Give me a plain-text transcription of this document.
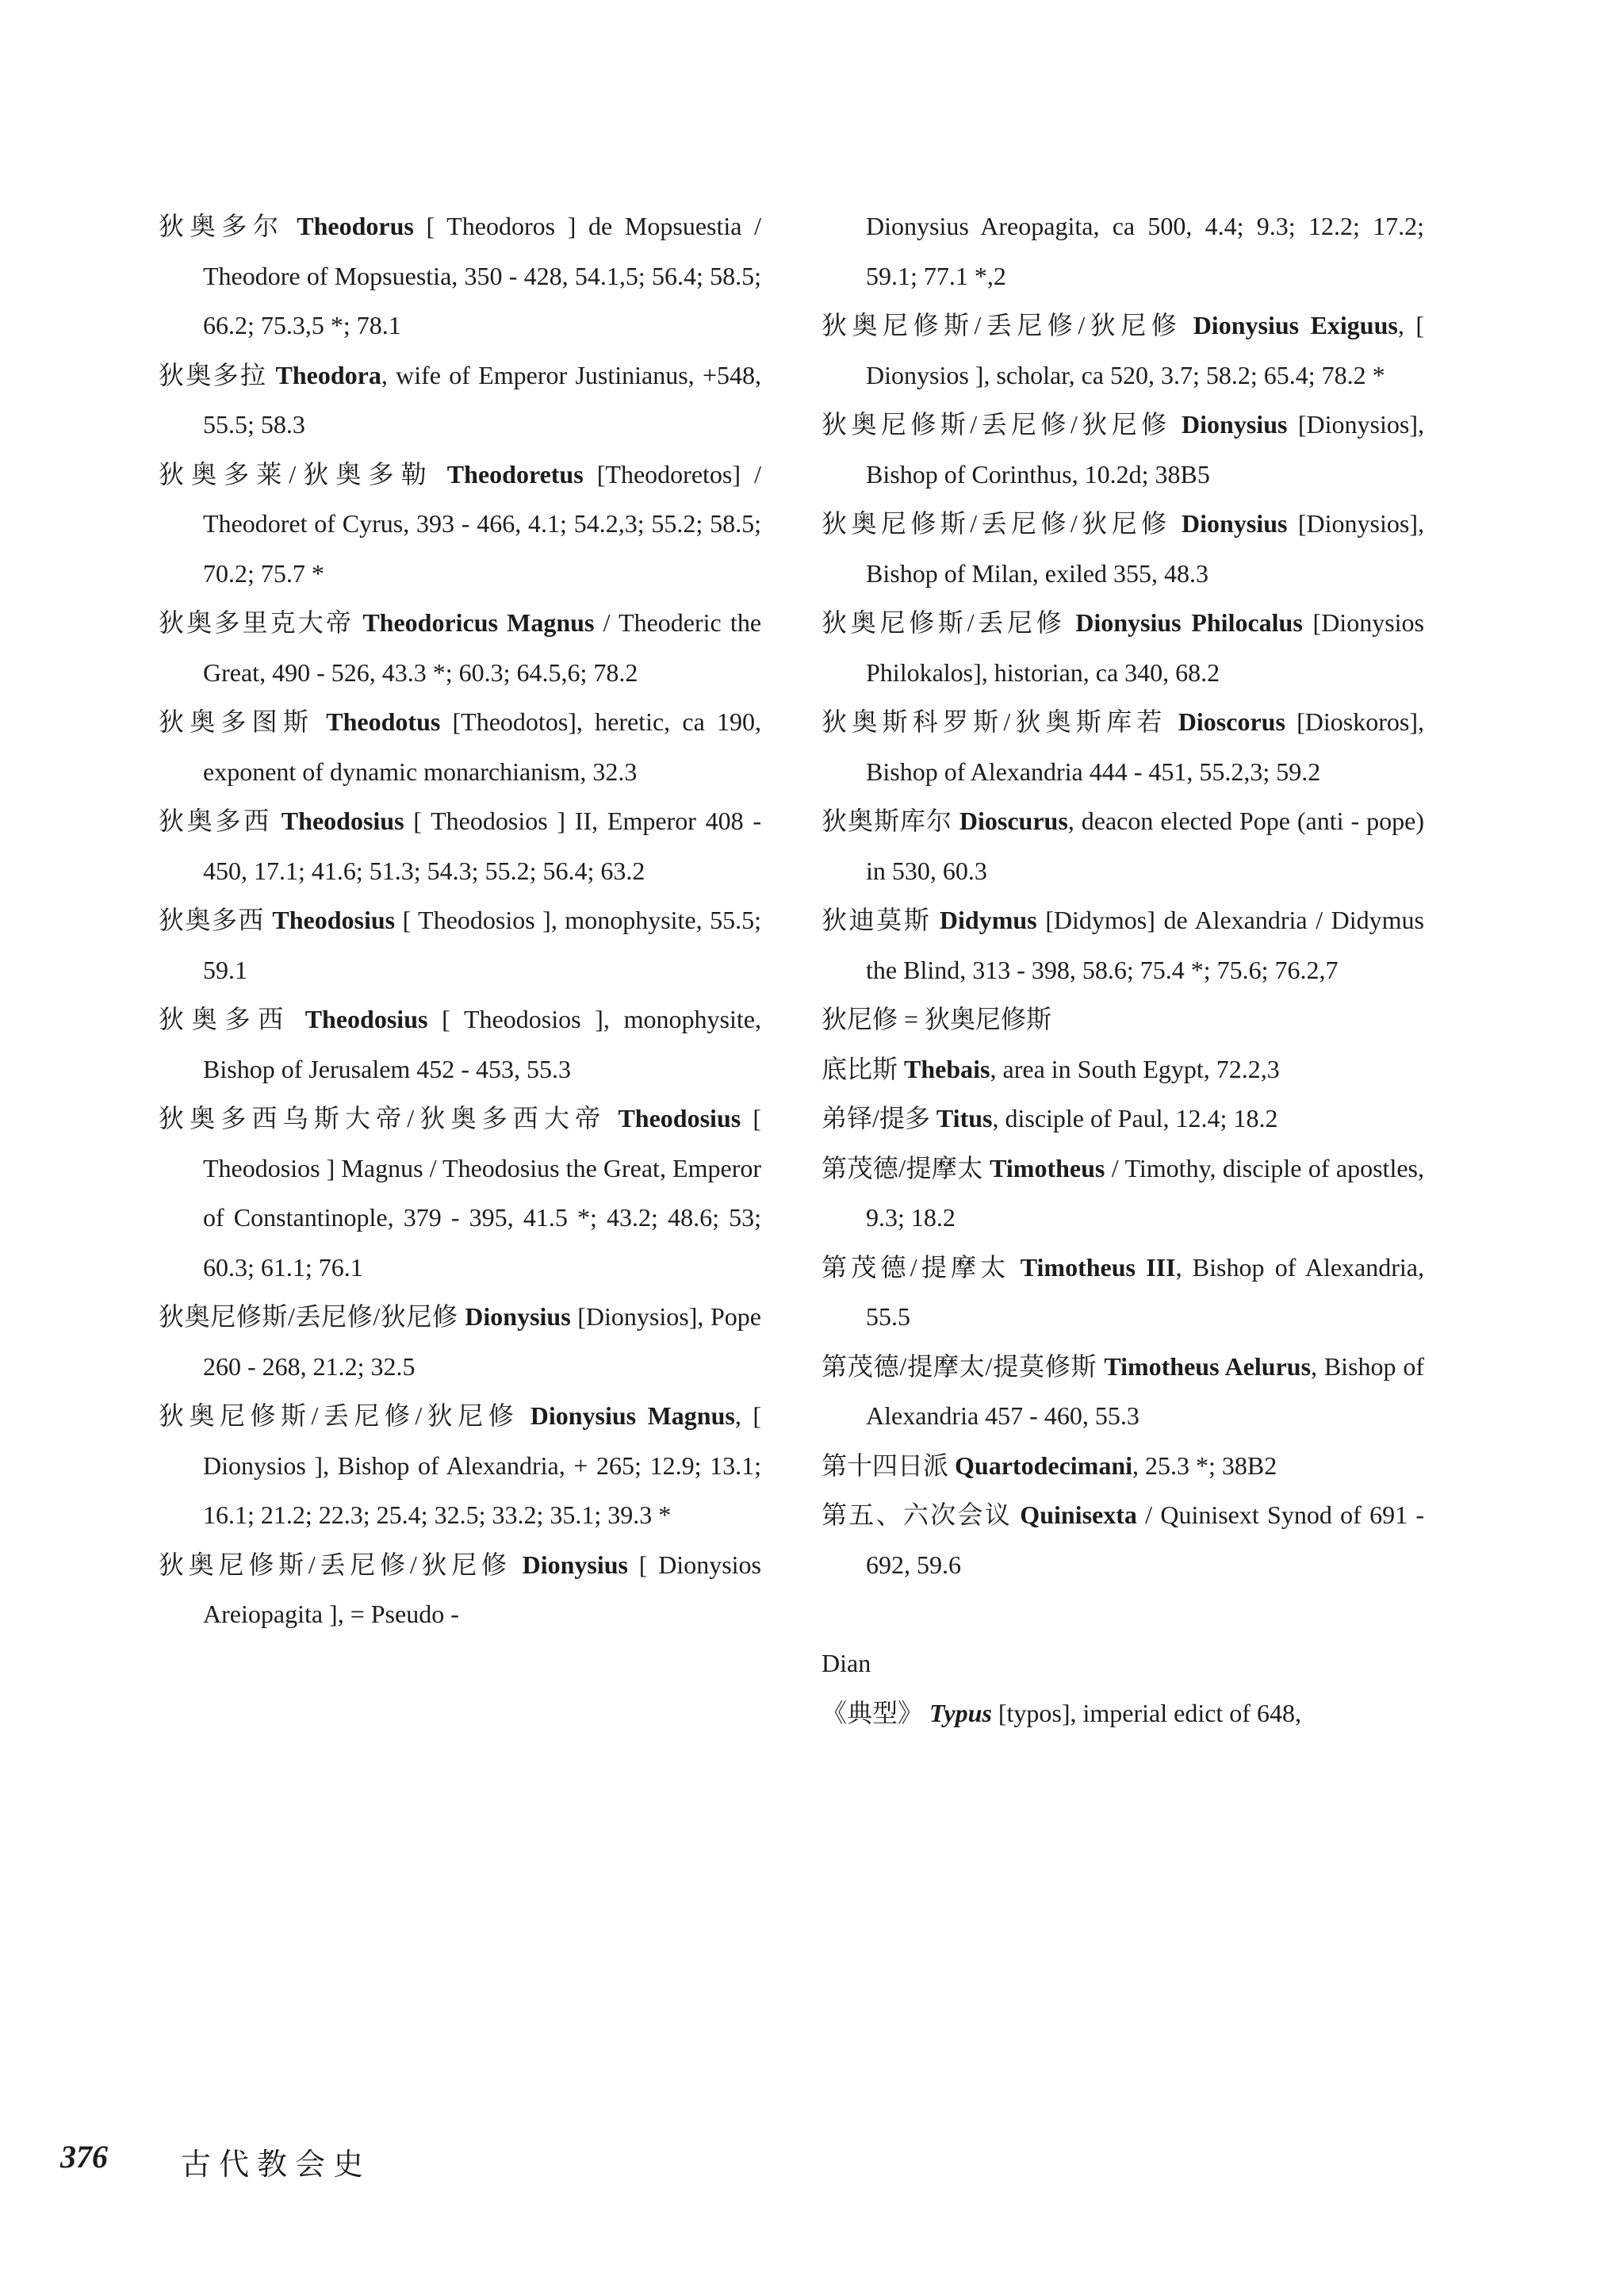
狄奥多尔 Theodorus [ Theodoros ] de Mopsuestia / Theodore of Mopsuestia, 350 - 428, 54.1,5; 56.4; 58.5; 66.2; 75.3,5 *; 78.1

狄奥多拉 Theodora, wife of Emperor Justinianus, +548, 55.5; 58.3

狄奥多莱/狄奥多勒 Theodoretus [Theodoretos] / Theodoret of Cyrus, 393 - 466, 4.1; 54.2,3; 55.2; 58.5; 70.2; 75.7 *

狄奥多里克大帝 Theodoricus Magnus / Theoderic the Great, 490 - 526, 43.3 *; 60.3; 64.5,6; 78.2

狄奥多图斯 Theodotus [Theodotos], heretic, ca 190, exponent of dynamic monarchianism, 32.3

狄奥多西 Theodosius [ Theodosios ] II, Emperor 408 - 450, 17.1; 41.6; 51.3; 54.3; 55.2; 56.4; 63.2

狄奥多西 Theodosius [ Theodosios ], monophysite, 55.5; 59.1

狄奥多西 Theodosius [ Theodosios ], monophysite, Bishop of Jerusalem 452 - 453, 55.3

狄奥多西乌斯大帝/狄奥多西大帝 Theodosius [ Theodosios ] Magnus / Theodosius the Great, Emperor of Constantinople, 379 - 395, 41.5 *; 43.2; 48.6; 53; 60.3; 61.1; 76.1

狄奥尼修斯/丢尼修/狄尼修 Dionysius [Dionysios], Pope 260 - 268, 21.2; 32.5

狄奥尼修斯/丢尼修/狄尼修 Dionysius Magnus, [ Dionysios ], Bishop of Alexandria, + 265; 12.9; 13.1; 16.1; 21.2; 22.3; 25.4; 32.5; 33.2; 35.1; 39.3 *

狄奥尼修斯/丢尼修/狄尼修 Dionysius [ Dionysios Areiopagita ], = Pseudo -

Dionysius Areopagita, ca 500, 4.4; 9.3; 12.2; 17.2; 59.1; 77.1 *,2

狄奥尼修斯/丢尼修/狄尼修 Dionysius Exiguus, [ Dionysios ], scholar, ca 520, 3.7; 58.2; 65.4; 78.2 *

狄奥尼修斯/丢尼修/狄尼修 Dionysius [Dionysios], Bishop of Corinthus, 10.2d; 38B5

狄奥尼修斯/丢尼修/狄尼修 Dionysius [Dionysios], Bishop of Milan, exiled 355, 48.3

狄奥尼修斯/丢尼修 Dionysius Philocalus [Dionysios Philokalos], historian, ca 340, 68.2

狄奥斯科罗斯/狄奥斯库若 Dioscorus [Dioskoros], Bishop of Alexandria 444 - 451, 55.2,3; 59.2

狄奥斯库尔 Dioscurus, deacon elected Pope (anti - pope) in 530, 60.3

狄迪莫斯 Didymus [Didymos] de Alexandria / Didymus the Blind, 313 - 398, 58.6; 75.4 *; 75.6; 76.2,7

狄尼修 = 狄奥尼修斯

底比斯 Thebais, area in South Egypt, 72.2,3

弟铎/提多 Titus, disciple of Paul, 12.4; 18.2

第茂德/提摩太 Timotheus / Timothy, disciple of apostles, 9.3; 18.2

第茂德/提摩太 Timotheus III, Bishop of Alexandria, 55.5

第茂德/提摩太/提莫修斯 Timotheus Aelurus, Bishop of Alexandria 457 - 460, 55.3

第十四日派 Quartodecimani, 25.3 *; 38B2

第五、六次会议 Quinisexta / Quinisext Synod of 691 - 692, 59.6

Dian

《典型》 Typus [typos], imperial edict of 648,

376 古代教会史
